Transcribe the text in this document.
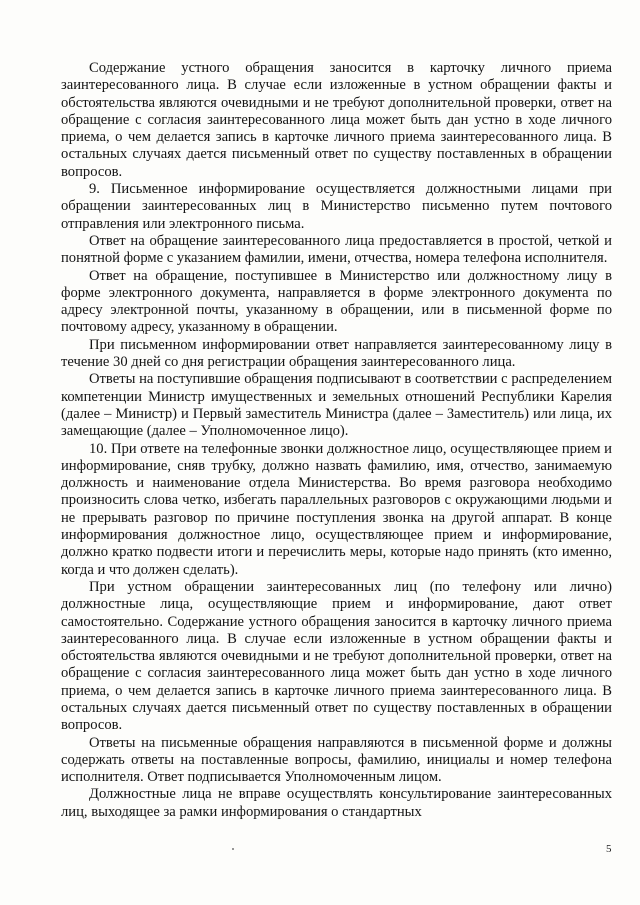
Содержание устного обращения заносится в карточку личного приема заинтересованного лица. В случае если изложенные в устном обращении факты и обстоятельства являются очевидными и не требуют дополнительной проверки, ответ на обращение с согласия заинтересованного лица может быть дан устно в ходе личного приема, о чем делается запись в карточке личного приема заинтересованного лица. В остальных случаях дается письменный ответ по существу поставленных в обращении вопросов.

9. Письменное информирование осуществляется должностными лицами при обращении заинтересованных лиц в Министерство письменно путем почтового отправления или электронного письма.

Ответ на обращение заинтересованного лица предоставляется в простой, четкой и понятной форме с указанием фамилии, имени, отчества, номера телефона исполнителя.

Ответ на обращение, поступившее в Министерство или должностному лицу в форме электронного документа, направляется в форме электронного документа по адресу электронной почты, указанному в обращении, или в письменной форме по почтовому адресу, указанному в обращении.

При письменном информировании ответ направляется заинтересованному лицу в течение 30 дней со дня регистрации обращения заинтересованного лица.

Ответы на поступившие обращения подписывают в соответствии с распределением компетенции Министр имущественных и земельных отношений Республики Карелия (далее – Министр) и Первый заместитель Министра (далее – Заместитель) или лица, их замещающие (далее – Уполномоченное лицо).

10. При ответе на телефонные звонки должностное лицо, осуществляющее прием и информирование, сняв трубку, должно назвать фамилию, имя, отчество, занимаемую должность и наименование отдела Министерства. Во время разговора необходимо произносить слова четко, избегать параллельных разговоров с окружающими людьми и не прерывать разговор по причине поступления звонка на другой аппарат. В конце информирования должностное лицо, осуществляющее прием и информирование, должно кратко подвести итоги и перечислить меры, которые надо принять (кто именно, когда и что должен сделать).

При устном обращении заинтересованных лиц (по телефону или лично) должностные лица, осуществляющие прием и информирование, дают ответ самостоятельно. Содержание устного обращения заносится в карточку личного приема заинтересованного лица. В случае если изложенные в устном обращении факты и обстоятельства являются очевидными и не требуют дополнительной проверки, ответ на обращение с согласия заинтересованного лица может быть дан устно в ходе личного приема, о чем делается запись в карточке личного приема заинтересованного лица. В остальных случаях дается письменный ответ по существу поставленных в обращении вопросов.

Ответы на письменные обращения направляются в письменной форме и должны содержать ответы на поставленные вопросы, фамилию, инициалы и номер телефона исполнителя. Ответ подписывается Уполномоченным лицом.

Должностные лица не вправе осуществлять консультирование заинтересованных лиц, выходящее за рамки информирования о стандартных

5
